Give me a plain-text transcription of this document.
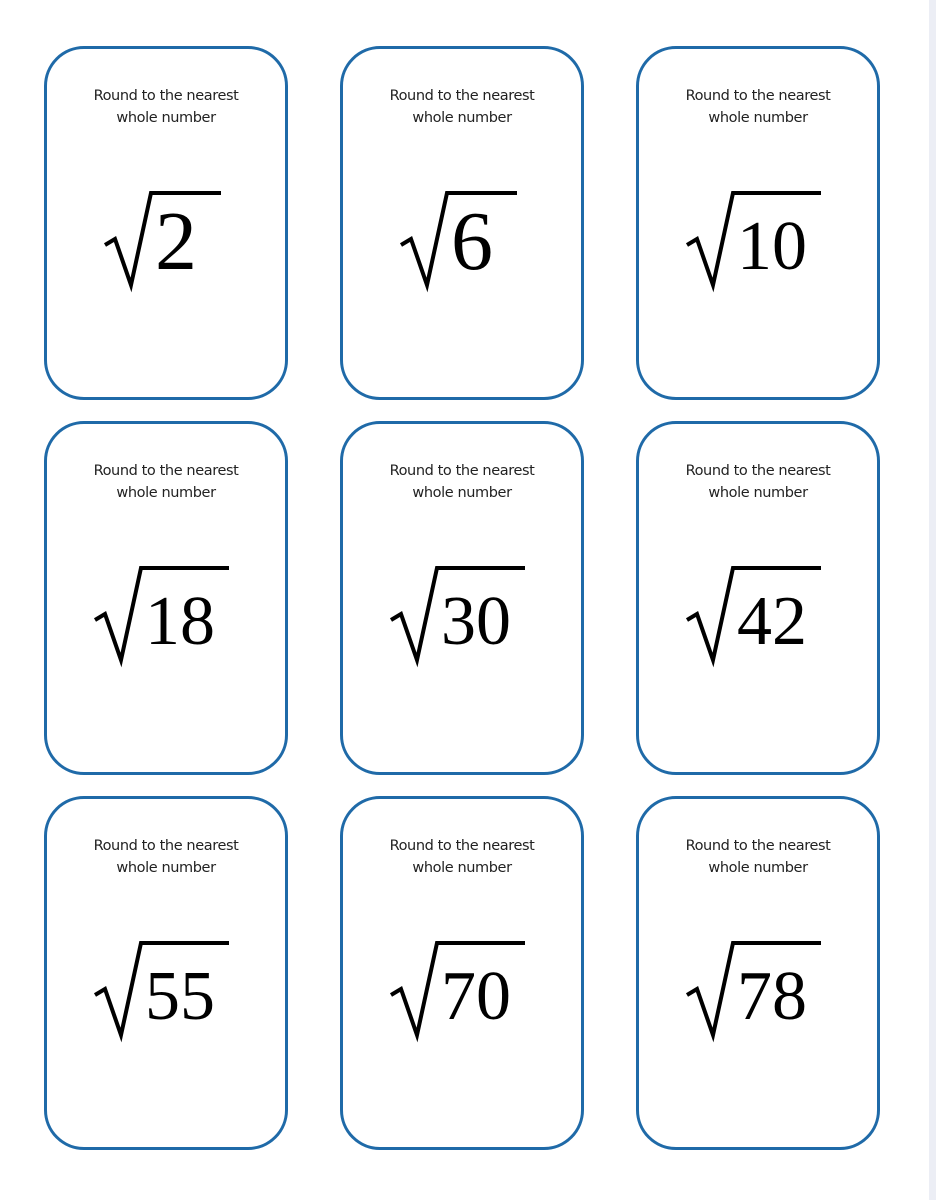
Round to the nearest
whole number
2
Round to the nearest
whole number
6
Round to the nearest
whole number
10
Round to the nearest
whole number
18
Round to the nearest
whole number
30
Round to the nearest
whole number
42
Round to the nearest
whole number
55
Round to the nearest
whole number
70
Round to the nearest
whole number
78
